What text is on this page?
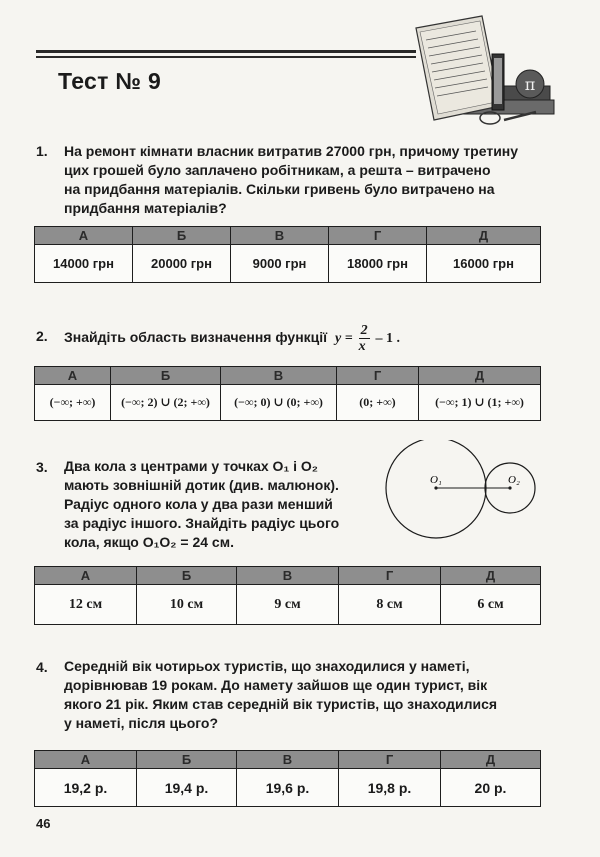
Тест № 9	π
1. На ремонт кімнати власник витратив 27000 грн, причому третину
цих грошей було заплачено робітникам, а решта – витрачено
на придбання матеріалів. Скільки гривень було витрачено на
придбання матеріалів?
А	Б	В	Г	Д
14000 грн	20000 грн	9000 грн	18000 грн	16000 грн
2. Знайдіть область визначення функції $y = \frac{2}{x} - 1$ .
А	Б	В	Г	Д
(−∞; +∞)	(−∞; 2) ∪ (2; +∞)	(−∞; 0) ∪ (0; +∞)	(0; +∞)	(−∞; 1) ∪ (1; +∞)
3. Два кола з центрами у точках O₁ і O₂
мають зовнішній дотик (див. малюнок).
Радіус одного кола у два рази менший
за радіус іншого. Знайдіть радіус цього
кола, якщо O₁O₂ = 24 см.
O₁	O₂
А	Б	В	Г	Д
12 см	10 см	9 см	8 см	6 см
4. Середній вік чотирьох туристів, що знаходилися у наметі,
дорівнював 19 рокам. До намету зайшов ще один турист, вік
якого 21 рік. Яким став середній вік туристів, що знаходилися
у наметі, після цього?
А	Б	В	Г	Д
19,2 р.	19,4 р.	19,6 р.	19,8 р.	20 р.
46
